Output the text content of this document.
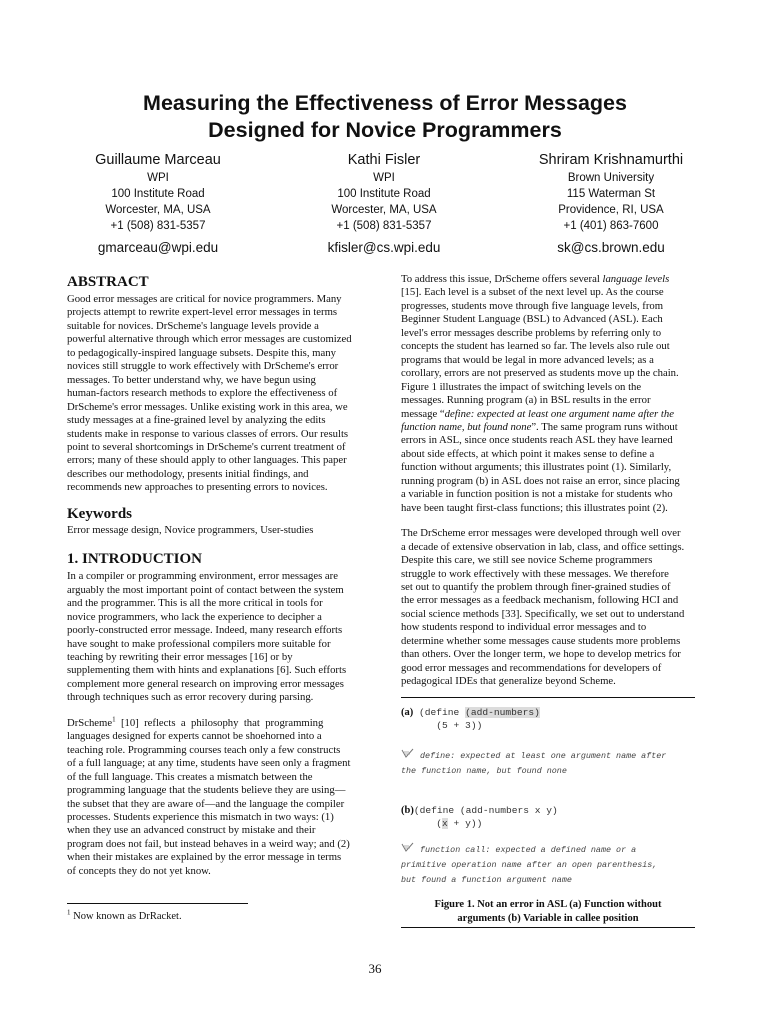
Measuring the Effectiveness of Error Messages
Designed for Novice Programmers
Guillaume Marceau
WPI
100 Institute Road
Worcester, MA, USA
+1 (508) 831-5357
gmarceau@wpi.edu
Kathi Fisler
WPI
100 Institute Road
Worcester, MA, USA
+1 (508) 831-5357
kfisler@cs.wpi.edu
Shriram Krishnamurthi
Brown University
115 Waterman St
Providence, RI, USA
+1 (401) 863-7600
sk@cs.brown.edu
ABSTRACT
Good error messages are critical for novice programmers. Many
projects attempt to rewrite expert-level error messages in terms
suitable for novices. DrScheme's language levels provide a
powerful alternative through which error messages are customized
to pedagogically-inspired language subsets. Despite this, many
novices still struggle to work effectively with DrScheme's error
messages. To better understand why, we have begun using
human-factors research methods to explore the effectiveness of
DrScheme's error messages. Unlike existing work in this area, we
study messages at a fine-grained level by analyzing the edits
students make in response to various classes of errors. Our results
point to several shortcomings in DrScheme's current treatment of
errors; many of these should apply to other languages. This paper
describes our methodology, presents initial findings, and
recommends new approaches to presenting errors to novices.
Keywords
Error message design, Novice programmers, User-studies
1. INTRODUCTION
In a compiler or programming environment, error messages are
arguably the most important point of contact between the system
and the programmer. This is all the more critical in tools for
novice programmers, who lack the experience to decipher a
poorly-constructed error message. Indeed, many research efforts
have sought to make professional compilers more suitable for
teaching by rewriting their error messages [16] or by
supplementing them with hints and explanations [6]. Such efforts
complement more general research on improving error messages
through techniques such as error recovery during parsing.
DrScheme$^1$  [10]  reflects  a  philosophy  that  programming
languages designed for experts cannot be shoehorned into a
teaching role. Programming courses teach only a few constructs
of a full language; at any time, students have seen only a fragment
of the full language. This creates a mismatch between the
programming language that the students believe they are using—
the subset that they are aware of—and the language the compiler
processes. Students experience this mismatch in two ways: (1)
when they use an advanced construct by mistake and their
program does not fail, but instead behaves in a weird way; and (2)
when their mistakes are explained by the error message in terms
of concepts they do not yet know.
To address this issue, DrScheme offers several language levels
[15]. Each level is a subset of the next level up. As the course
progresses, students move through five language levels, from
Beginner Student Language (BSL) to Advanced (ASL). Each
level's error messages describe problems by referring only to
concepts the student has learned so far. The levels also rule out
programs that would be legal in more advanced levels; as a
corollary, errors are not preserved as students move up the chain.
Figure 1 illustrates the impact of switching levels on the
messages. Running program (a) in BSL results in the error
message “define: expected at least one argument name after the
function name, but found none”. The same program runs without
errors in ASL, since once students reach ASL they have learned
about side effects, at which point it makes sense to define a
function without arguments; this illustrates point (1). Similarly,
running program (b) in ASL does not raise an error, since placing
a variable in function position is not a mistake for students who
have been taught first-class functions; this illustrates point (2).
The DrScheme error messages were developed through well over
a decade of extensive observation in lab, class, and office settings.
Despite this care, we still see novice Scheme programmers
struggle to work effectively with these messages. We therefore
set out to quantify the problem through finer-grained studies of
the error messages as a feedback mechanism, following HCI and
social science methods [33]. Specifically, we set out to understand
how students respond to individual error messages and to
determine whether some messages cause students more problems
than others. Over the longer term, we hope to develop metrics for
good error messages and recommendations for developers of
pedagogical IDEs that generalize beyond Scheme.
(a) (define (add-numbers)
(5 + 3))
define: expected at least one argument name after
the function name, but found none
(b)(define (add-numbers x y)
(x + y))
function call: expected a defined name or a
primitive operation name after an open parenthesis,
but found a function argument name
Figure 1. Not an error in ASL (a) Function without
arguments (b) Variable in callee position
$^1$ Now known as DrRacket.
36
